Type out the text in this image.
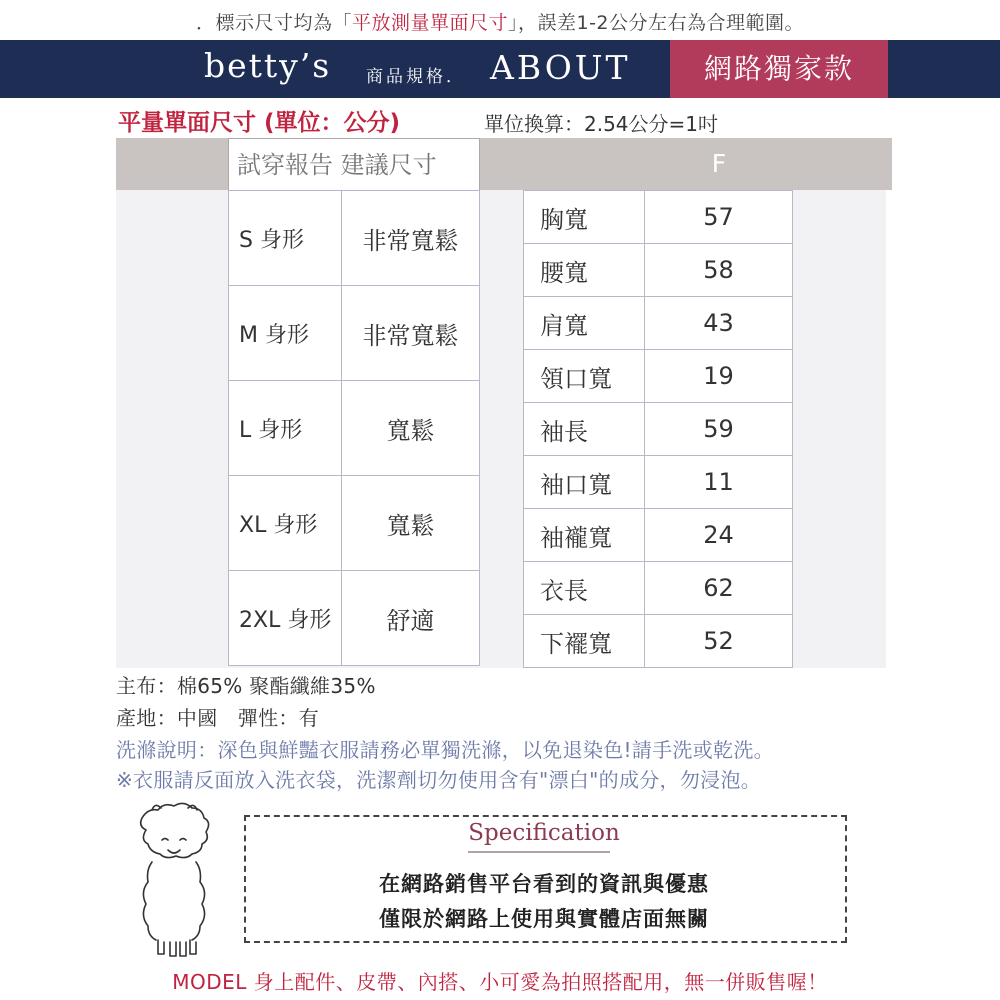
．標示尺寸均為「平放測量單面尺寸」，誤差1-2公分左右為合理範圍。
betty’s 商品規格． ABOUT	網路獨家款
平量單面尺寸 (單位：公分)	單位換算：2.54公分=1吋
試穿報告 建議尺寸	F
S 身形	非常寬鬆
M 身形	非常寬鬆
L 身形	寬鬆
XL 身形	寬鬆
2XL 身形	舒適
胸寬	57
腰寬	58
肩寬	43
領口寬	19
袖長	59
袖口寬	11
袖襱寬	24
衣長	62
下襬寬	52
主布：棉65% 聚酯纖維35%
產地：中國　彈性：有
洗滌說明：深色與鮮豔衣服請務必單獨洗滌，以免退染色!請手洗或乾洗。
※衣服請反面放入洗衣袋，洗潔劑切勿使用含有"漂白"的成分，勿浸泡。
Specification
在網路銷售平台看到的資訊與優惠
僅限於網路上使用與實體店面無關
MODEL 身上配件、皮帶、內搭、小可愛為拍照搭配用，無一併販售喔！
